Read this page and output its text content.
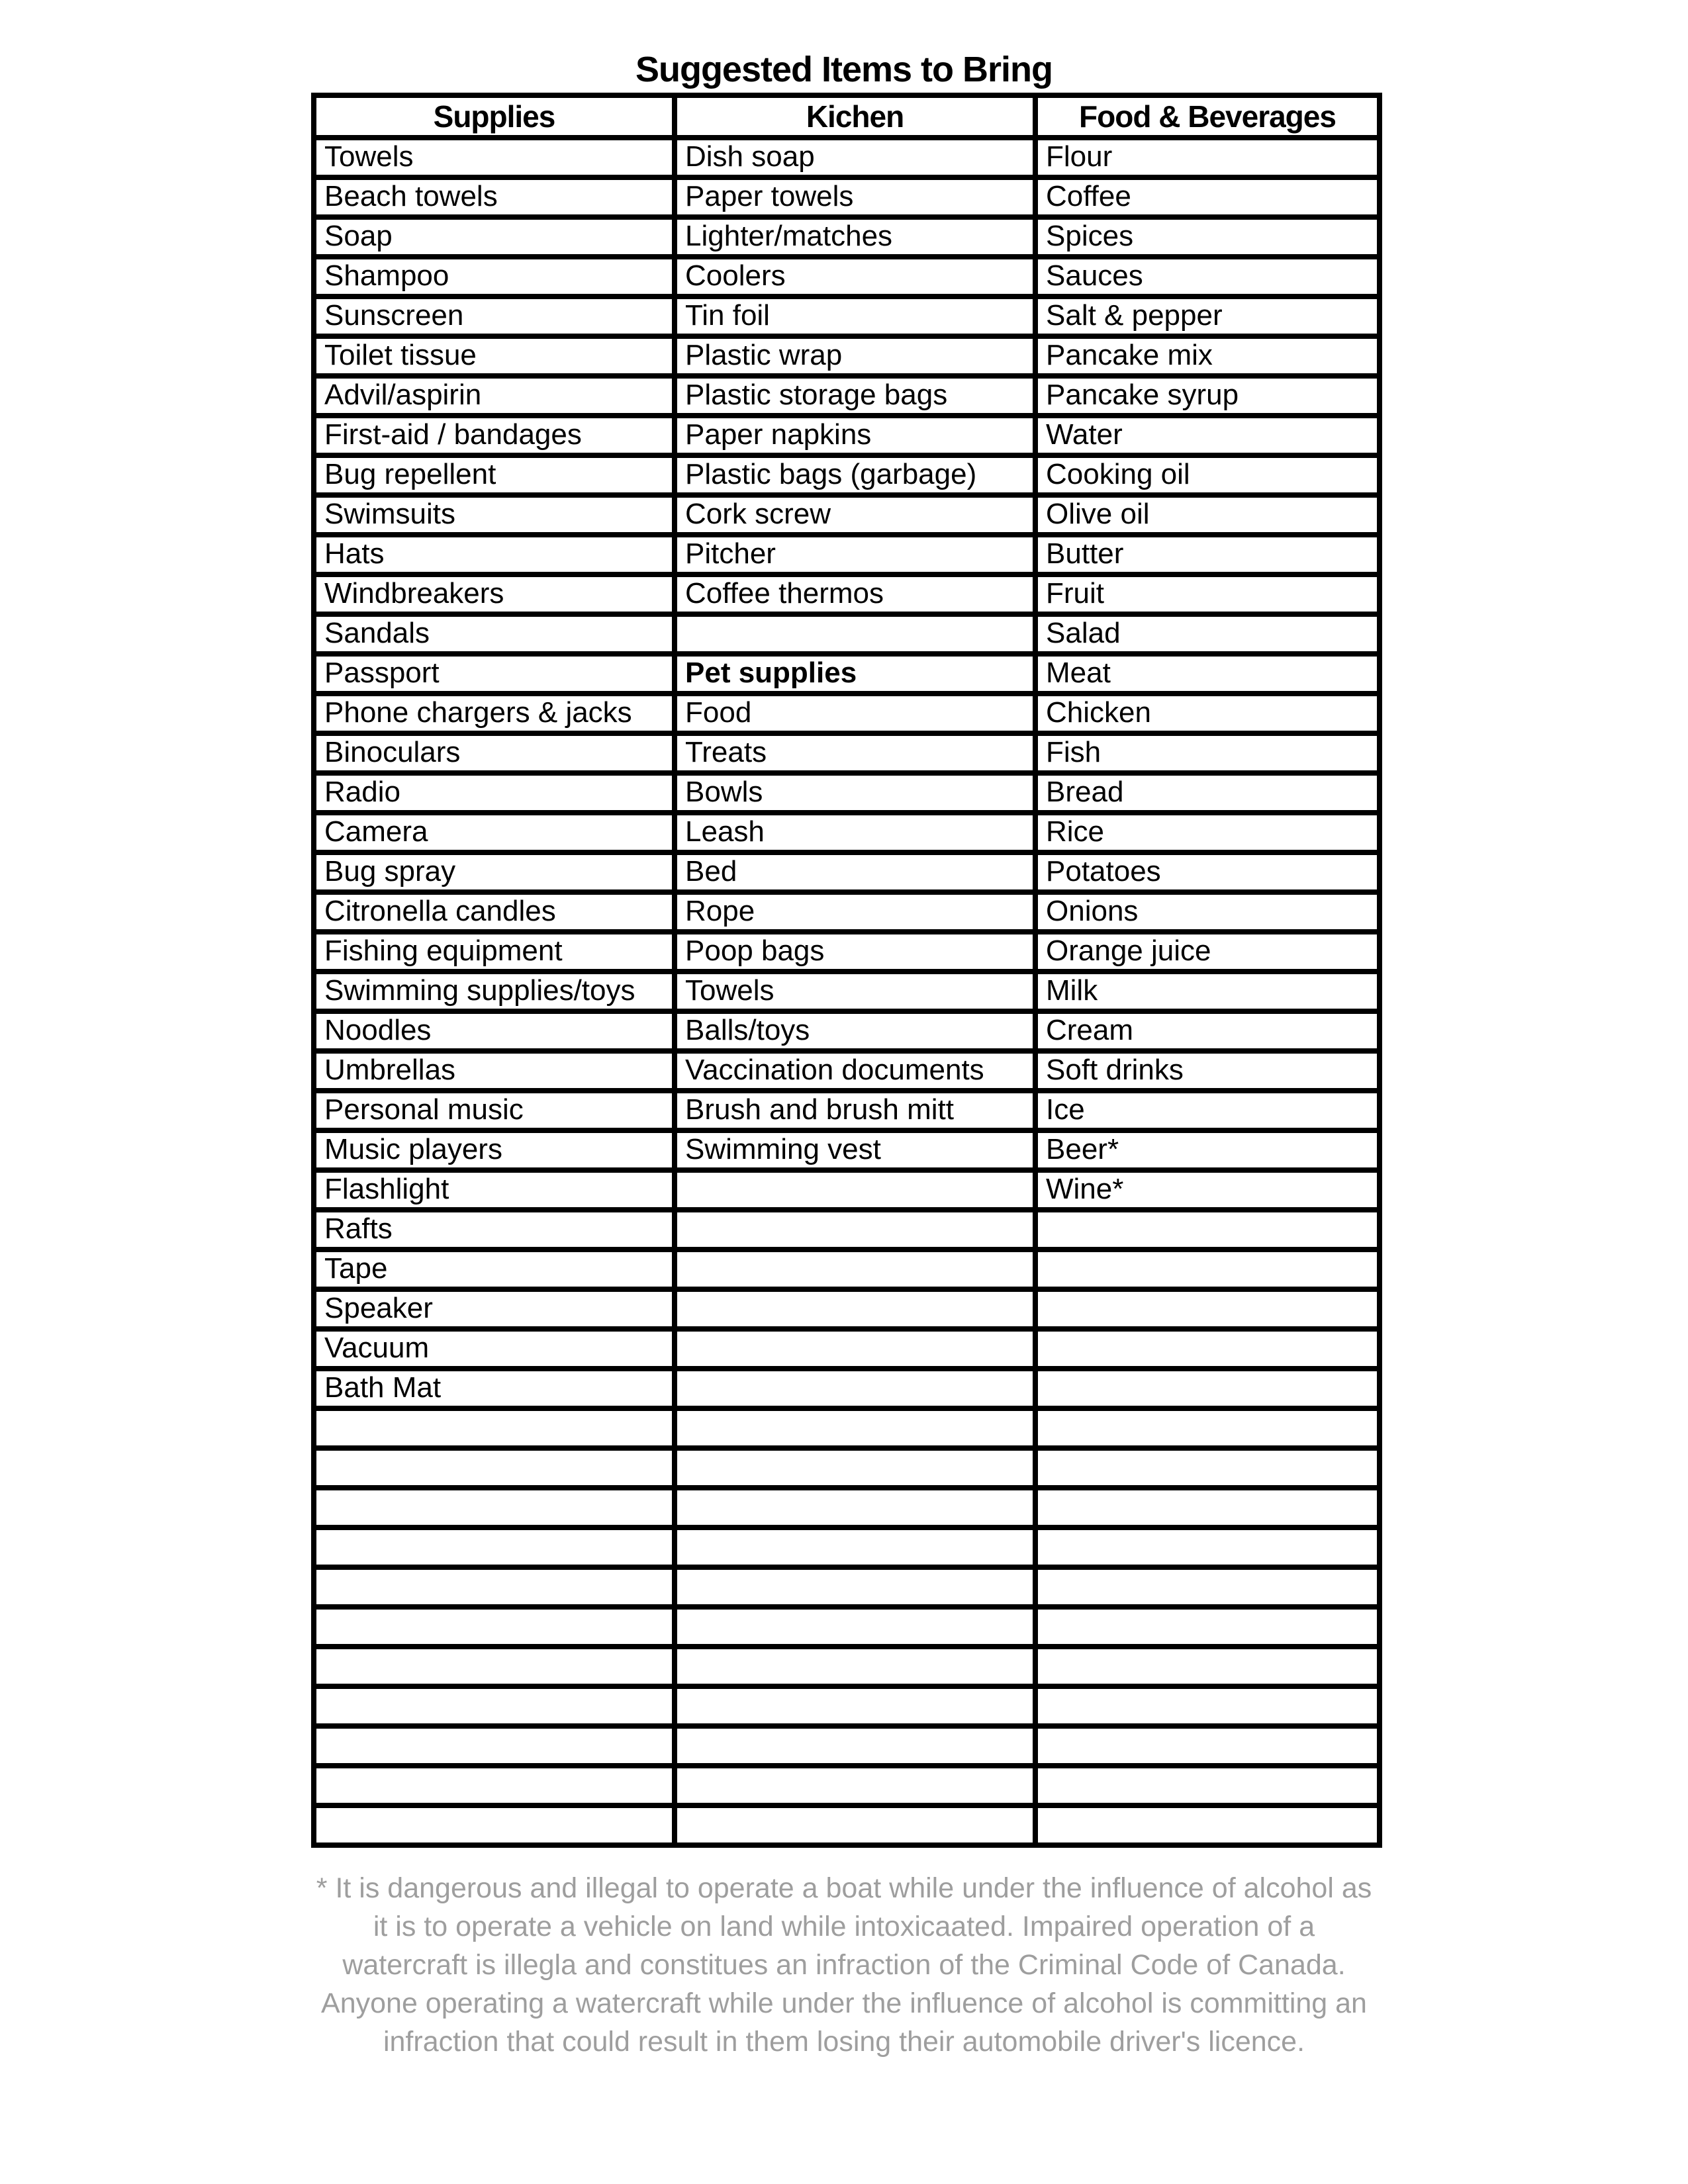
Suggested Items to Bring
Supplies	Kichen	Food & Beverages
Towels	Dish soap	Flour
Beach towels	Paper towels	Coffee
Soap	Lighter/matches	Spices
Shampoo	Coolers	Sauces
Sunscreen	Tin foil	Salt & pepper
Toilet tissue	Plastic wrap	Pancake mix
Advil/aspirin	Plastic storage bags	Pancake syrup
First-aid / bandages	Paper napkins	Water
Bug repellent	Plastic bags (garbage)	Cooking oil
Swimsuits	Cork screw	Olive oil
Hats	Pitcher	Butter
Windbreakers	Coffee thermos	Fruit
Sandals		Salad
Passport	Pet supplies	Meat
Phone chargers & jacks	Food	Chicken
Binoculars	Treats	Fish
Radio	Bowls	Bread
Camera	Leash	Rice
Bug spray	Bed	Potatoes
Citronella candles	Rope	Onions
Fishing equipment	Poop bags	Orange juice
Swimming supplies/toys	Towels	Milk
Noodles	Balls/toys	Cream
Umbrellas	Vaccination documents	Soft drinks
Personal music	Brush and brush mitt	Ice
Music players	Swimming vest	Beer*
Flashlight		Wine*
Rafts		
Tape		
Speaker		
Vacuum		
Bath Mat		

* It is dangerous and illegal to operate a boat while under the influence of alcohol as
it is to operate a vehicle on land while intoxicaated. Impaired operation of a
watercraft is illegla and constitues an infraction of the Criminal Code of Canada.
Anyone operating a watercraft while under the influence of alcohol is committing an
infraction that could result in them losing their automobile driver's licence.
